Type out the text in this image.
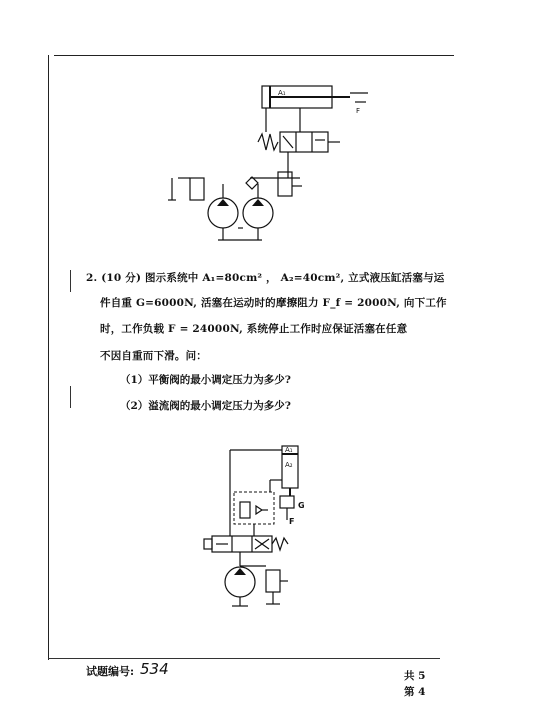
A₁
F
2. (10 分) 图示系统中 A₁=80cm² ， A₂=40cm², 立式液压缸活塞与运
件自重 G=6000N, 活塞在运动时的摩擦阻力 F_f = 2000N, 向下工作
时，工作负载 F = 24000N, 系统停止工作时应保证活塞在任意
不因自重而下滑。问：
（1）平衡阀的最小调定压力为多少?
（2）溢流阀的最小调定压力为多少?
A₁
A₂
G
F
试题编号: 534	共 5
第 4
